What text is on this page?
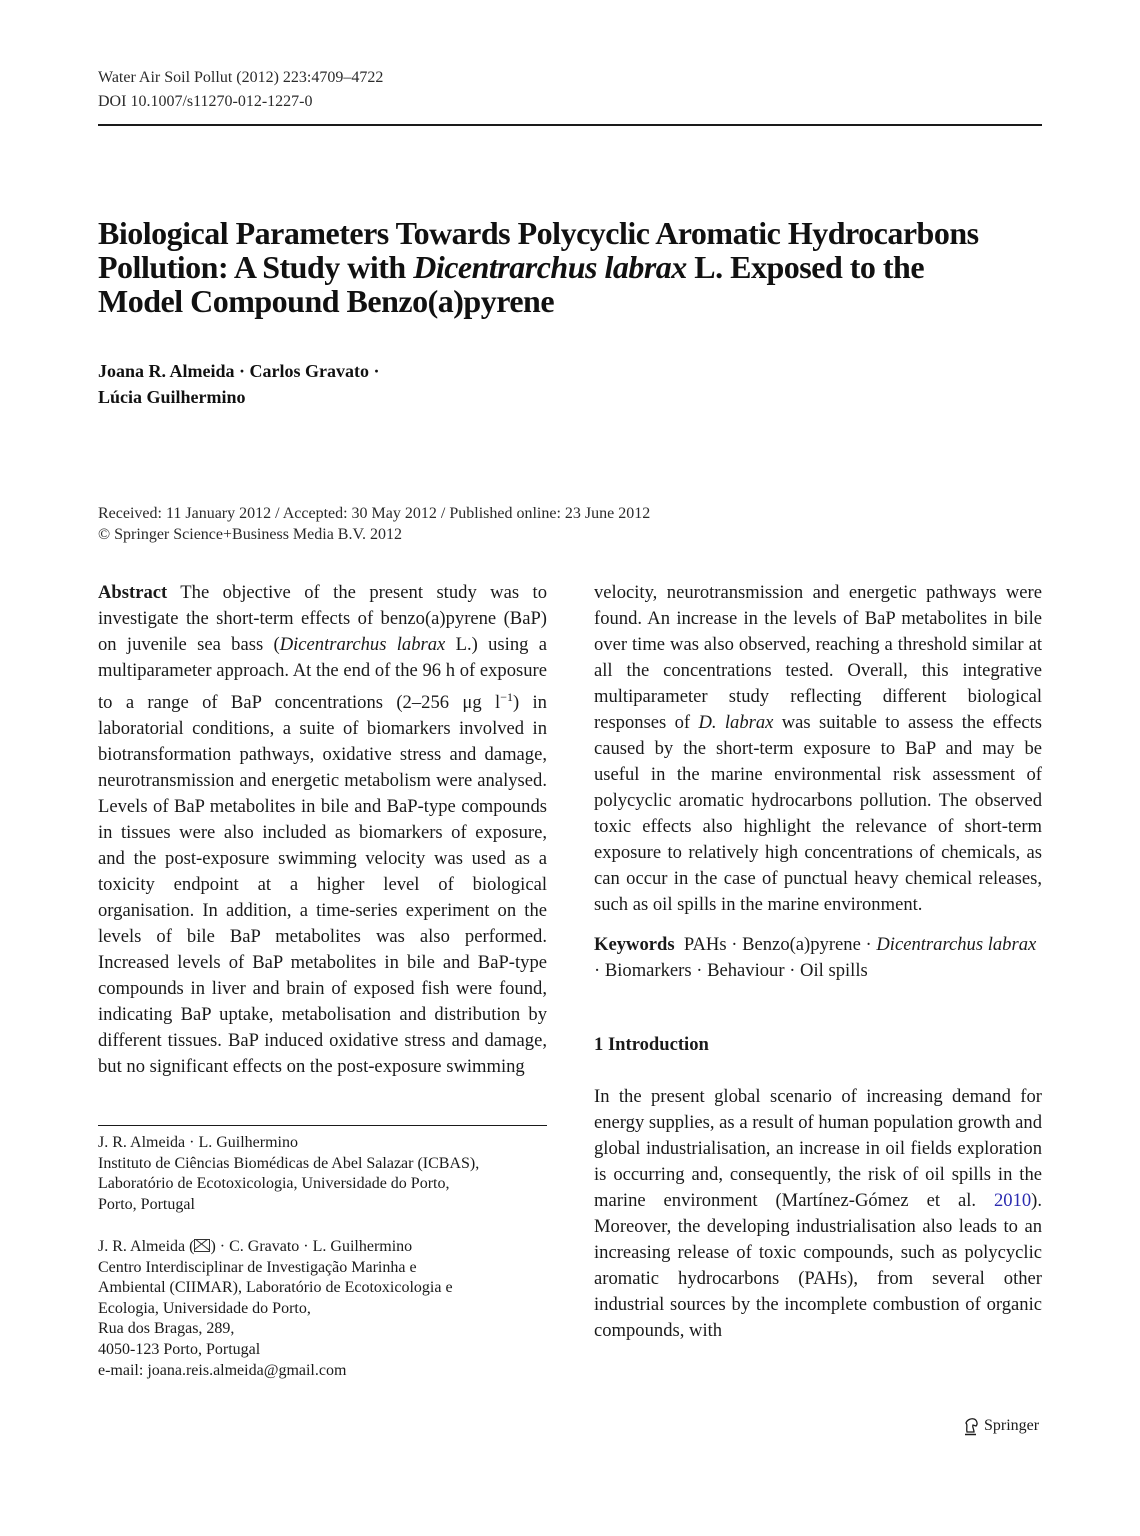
Water Air Soil Pollut (2012) 223:4709–4722
DOI 10.1007/s11270-012-1227-0
Biological Parameters Towards Polycyclic Aromatic Hydrocarbons Pollution: A Study with Dicentrarchus labrax L. Exposed to the Model Compound Benzo(a)pyrene
Joana R. Almeida · Carlos Gravato ·
Lúcia Guilhermino
Received: 11 January 2012 / Accepted: 30 May 2012 / Published online: 23 June 2012
© Springer Science+Business Media B.V. 2012

Abstract The objective of the present study was to investigate the short-term effects of benzo(a)pyrene (BaP) on juvenile sea bass (Dicentrarchus labrax L.) using a multiparameter approach. At the end of the 96 h of exposure to a range of BaP concentrations (2–256 μg $l^{-1}$) in laboratorial conditions, a suite of biomarkers involved in biotransformation pathways, oxidative stress and damage, neurotransmission and energetic metabolism were analysed. Levels of BaP metabolites in bile and BaP-type compounds in tissues were also included as biomarkers of exposure, and the post-exposure swimming velocity was used as a toxicity endpoint at a higher level of biological organisation. In addition, a time-series experiment on the levels of bile BaP metabolites was also performed. Increased levels of BaP metabolites in bile and BaP-type compounds in liver and brain of exposed fish were found, indicating BaP uptake, metabolisation and distribution by different tissues. BaP induced oxidative stress and damage, but no significant effects on the post-exposure swimming

velocity, neurotransmission and energetic pathways were found. An increase in the levels of BaP metabolites in bile over time was also observed, reaching a threshold similar at all the concentrations tested. Overall, this integrative multiparameter study reflecting different biological responses of D. labrax was suitable to assess the effects caused by the short-term exposure to BaP and may be useful in the marine environmental risk assessment of polycyclic aromatic hydrocarbons pollution. The observed toxic effects also highlight the relevance of short-term exposure to relatively high concentrations of chemicals, as can occur in the case of punctual heavy chemical releases, such as oil spills in the marine environment.

Keywords PAHs · Benzo(a)pyrene · Dicentrarchus labrax · Biomarkers · Behaviour · Oil spills

1 Introduction

In the present global scenario of increasing demand for energy supplies, as a result of human population growth and global industrialisation, an increase in oil fields exploration is occurring and, consequently, the risk of oil spills in the marine environment (Martínez-Gómez et al. 2010). Moreover, the developing industrialisation also leads to an increasing release of toxic compounds, such as polycyclic aromatic hydrocarbons (PAHs), from several other industrial sources by the incomplete combustion of organic compounds, with

J. R. Almeida · L. Guilhermino
Instituto de Ciências Biomédicas de Abel Salazar (ICBAS),
Laboratório de Ecotoxicologia, Universidade do Porto,
Porto, Portugal
J. R. Almeida ( ) · C. Gravato · L. Guilhermino
Centro Interdisciplinar de Investigação Marinha e
Ambiental (CIIMAR), Laboratório de Ecotoxicologia e
Ecologia, Universidade do Porto,
Rua dos Bragas, 289,
4050-123 Porto, Portugal
e-mail: joana.reis.almeida@gmail.com
Springer
